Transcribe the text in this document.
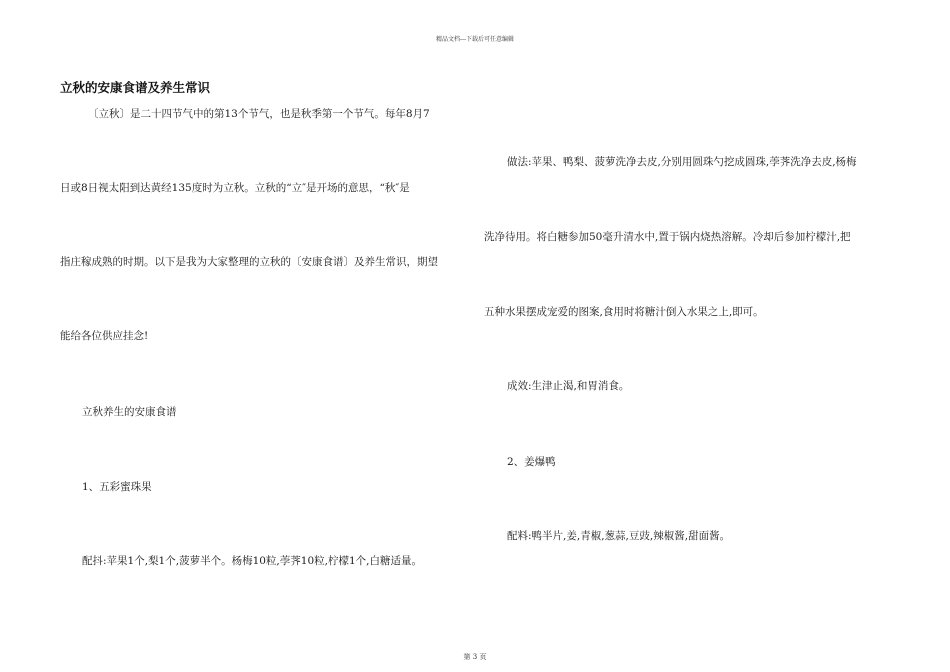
精品文档---下载后可任意编辑
立秋的安康食谱及养生常识
〔立秋〕是二十四节气中的第13个节气，也是秋季第一个节气。每年8月7
日或8日视太阳到达黄经135度时为立秋。立秋的“立″是开场的意思，“秋″是
指庄稼成熟的时期。以下是我为大家整理的立秋的〔安康食谱〕及养生常识，期望
能给各位供应挂念!
立秋养生的安康食谱
1、五彩蜜珠果
配抖:苹果1个,梨1个,菠萝半个。杨梅10粒,荸荠10粒,柠檬1个,白糖适量。
做法:苹果、鸭梨、菠萝洗净去皮,分别用圆珠勺挖成圆珠,荸荠洗净去皮,杨梅
洗净待用。将白糖参加50毫升清水中,置于锅内烧热溶解。冷却后参加柠檬汁,把
五种水果摆成宠爱的图案,食用时将糖汁倒入水果之上,即可。
成效:生津止渴,和胃消食。
2、姜爆鸭
配料:鸭半片,姜,青椒,葱蒜,豆豉,辣椒酱,甜面酱。
第 3 页
